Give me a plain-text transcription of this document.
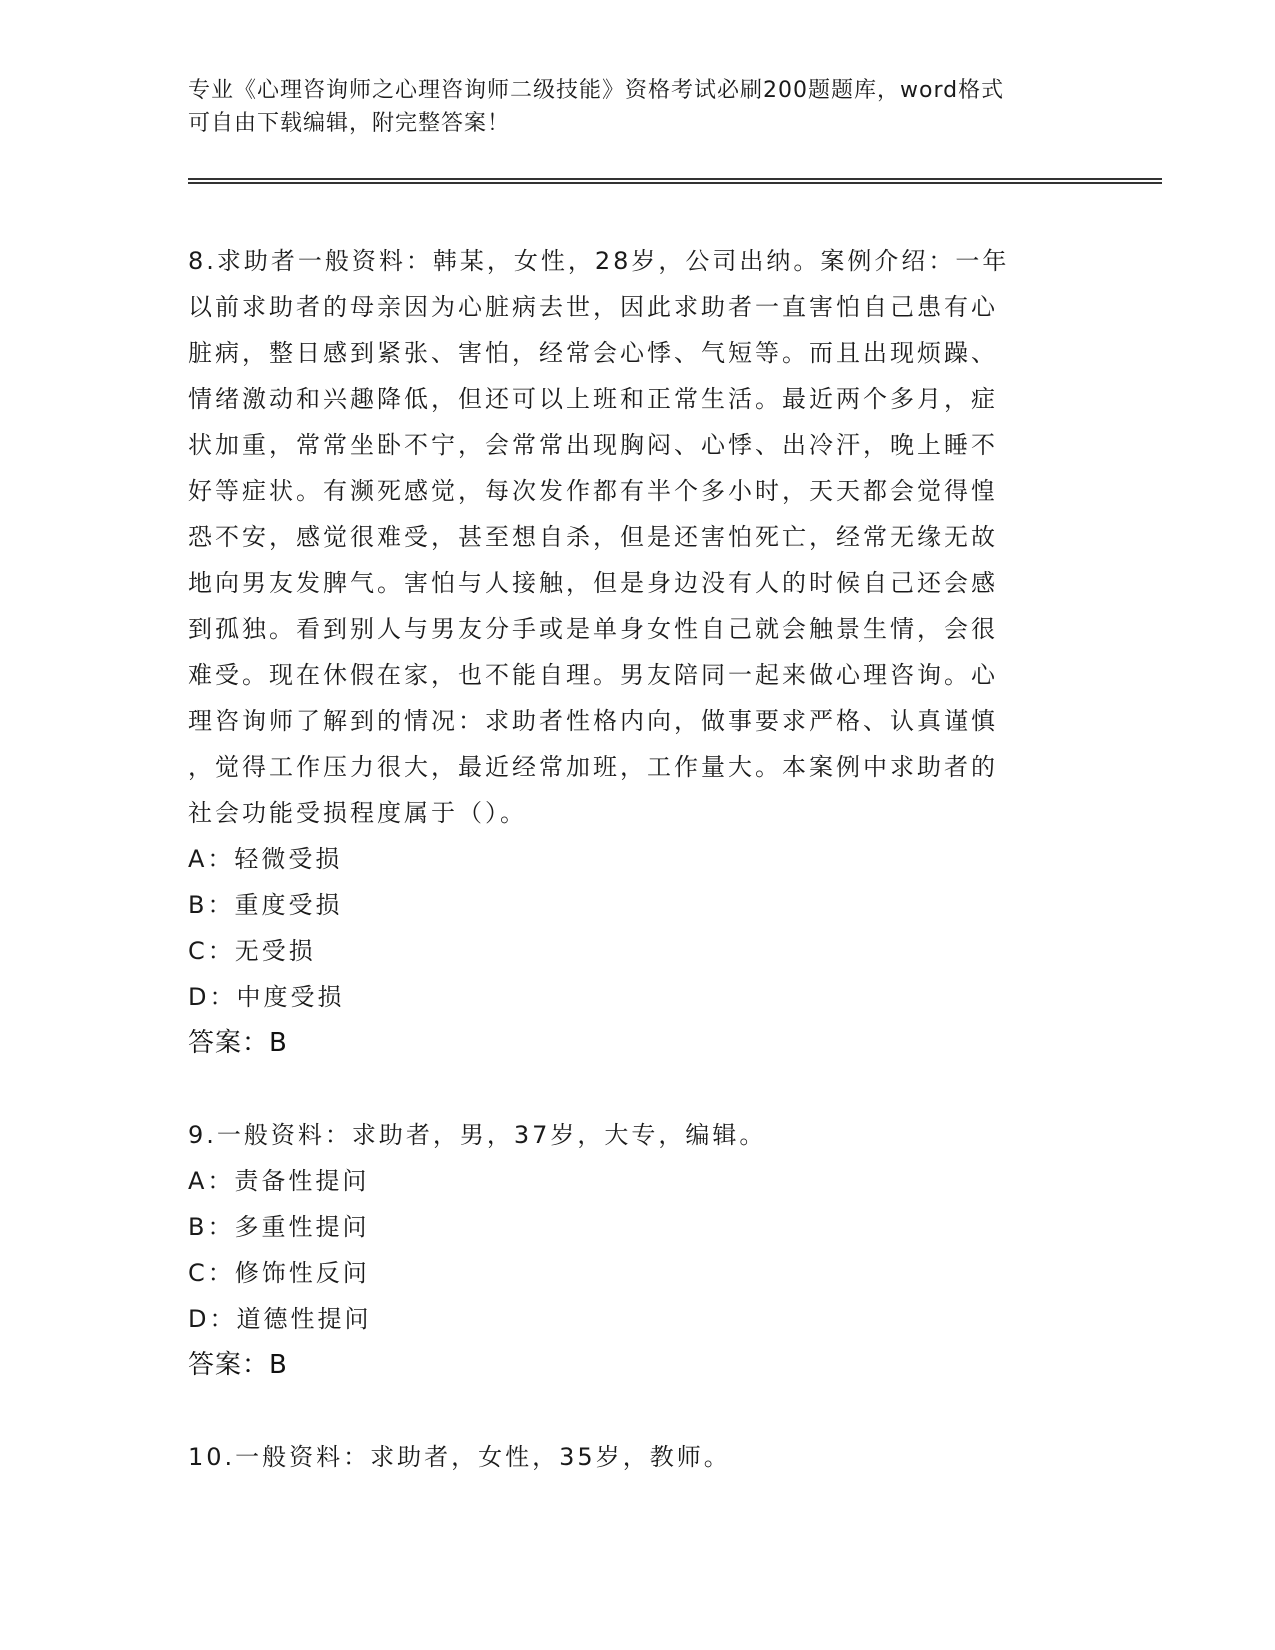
专业《心理咨询师之心理咨询师二级技能》资格考试必刷200题题库，word格式
可自由下载编辑，附完整答案！
8.求助者一般资料：韩某，女性，28岁，公司出纳。案例介绍：一年
以前求助者的母亲因为心脏病去世，因此求助者一直害怕自己患有心
脏病，整日感到紧张、害怕，经常会心悸、气短等。而且出现烦躁、
情绪激动和兴趣降低，但还可以上班和正常生活。最近两个多月，症
状加重，常常坐卧不宁，会常常出现胸闷、心悸、出冷汗，晚上睡不
好等症状。有濒死感觉，每次发作都有半个多小时，天天都会觉得惶
恐不安，感觉很难受，甚至想自杀，但是还害怕死亡，经常无缘无故
地向男友发脾气。害怕与人接触，但是身边没有人的时候自己还会感
到孤独。看到别人与男友分手或是单身女性自己就会触景生情，会很
难受。现在休假在家，也不能自理。男友陪同一起来做心理咨询。心
理咨询师了解到的情况：求助者性格内向，做事要求严格、认真谨慎
，觉得工作压力很大，最近经常加班，工作量大。本案例中求助者的
社会功能受损程度属于（）。
A：轻微受损
B：重度受损
C：无受损
D：中度受损
答案：B
9.一般资料：求助者，男，37岁，大专，编辑。
A：责备性提问
B：多重性提问
C：修饰性反问
D：道德性提问
答案：B
10.一般资料：求助者，女性，35岁，教师。
